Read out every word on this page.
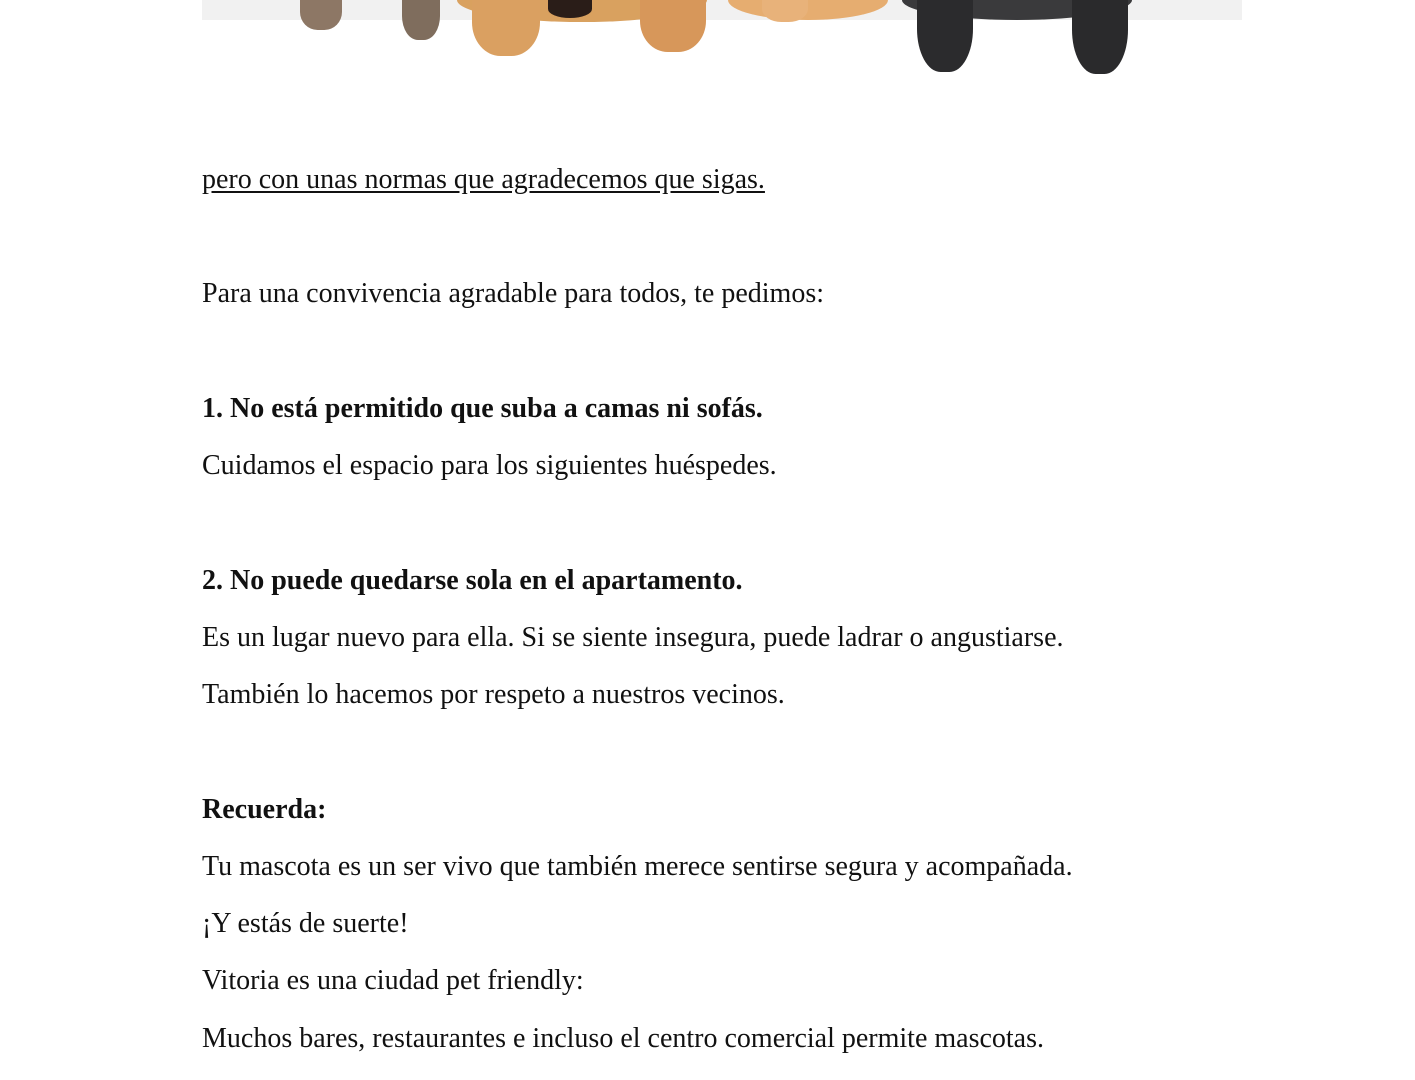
pero con unas normas que agradecemos que sigas.

Para una convivencia agradable para todos, te pedimos:

1. No está permitido que suba a camas ni sofás.

Cuidamos el espacio para los siguientes huéspedes.

2. No puede quedarse sola en el apartamento.

Es un lugar nuevo para ella. Si se siente insegura, puede ladrar o angustiarse.

También lo hacemos por respeto a nuestros vecinos.

Recuerda:

Tu mascota es un ser vivo que también merece sentirse segura y acompañada.

¡Y estás de suerte!

Vitoria es una ciudad pet friendly:

Muchos bares, restaurantes e incluso el centro comercial permite mascotas.
